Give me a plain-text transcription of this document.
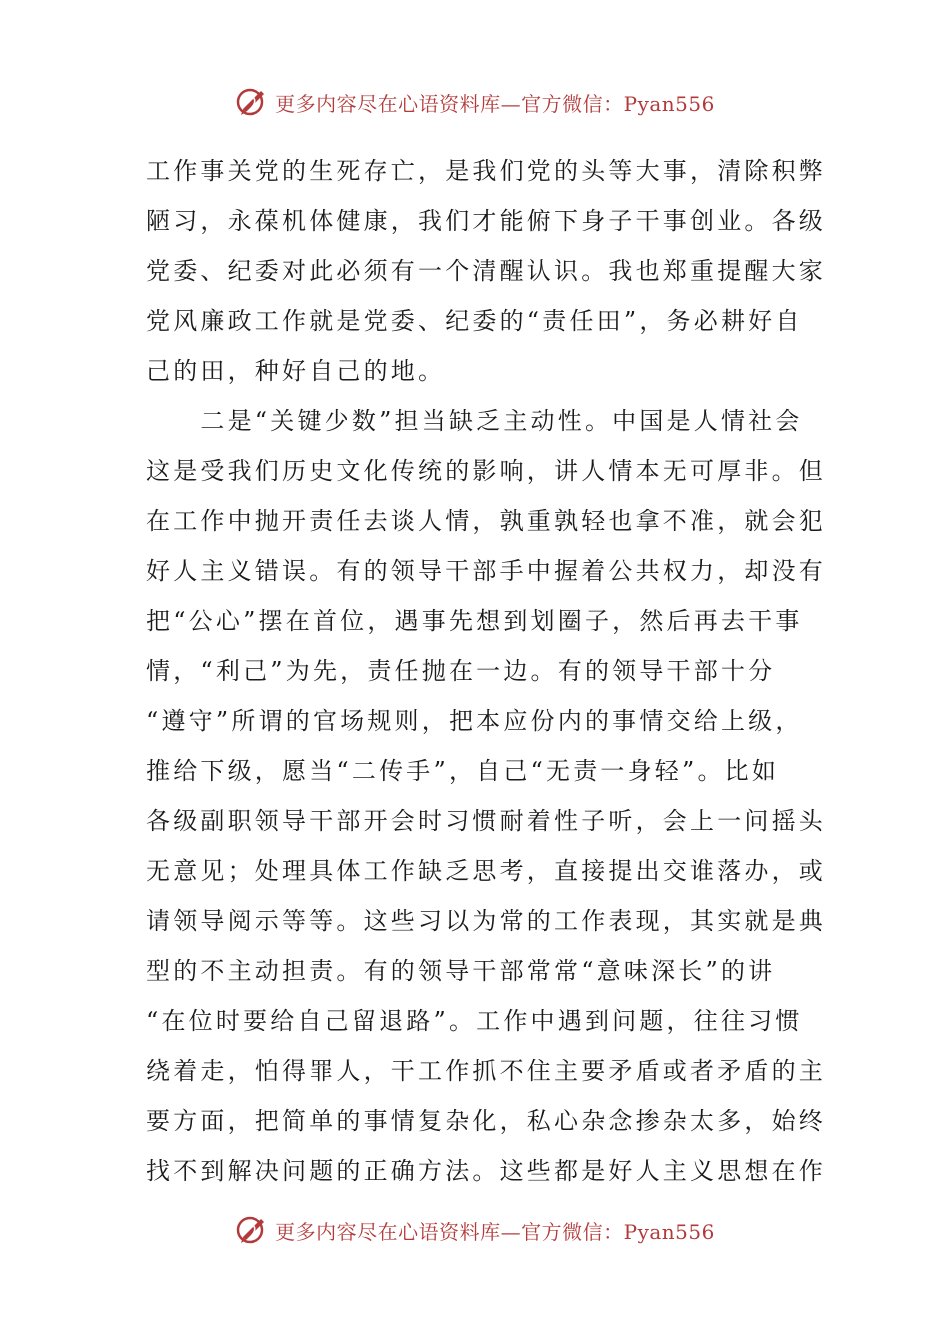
更多内容尽在心语资料库—官方微信：Pyan556
工作事关党的生死存亡，是我们党的头等大事，清除积弊
陋习，永葆机体健康，我们才能俯下身子干事创业。各级
党委、纪委对此必须有一个清醒认识。我也郑重提醒大家
党风廉政工作就是党委、纪委的“责任田”，务必耕好自
己的田，种好自己的地。
　　二是“关键少数”担当缺乏主动性。中国是人情社会
这是受我们历史文化传统的影响，讲人情本无可厚非。但
在工作中抛开责任去谈人情，孰重孰轻也拿不准，就会犯
好人主义错误。有的领导干部手中握着公共权力，却没有
把“公心”摆在首位，遇事先想到划圈子，然后再去干事
情，“利己”为先，责任抛在一边。有的领导干部十分
“遵守”所谓的官场规则，把本应份内的事情交给上级，
推给下级，愿当“二传手”，自己“无责一身轻”。比如
各级副职领导干部开会时习惯耐着性子听，会上一问摇头
无意见；处理具体工作缺乏思考，直接提出交谁落办，或
请领导阅示等等。这些习以为常的工作表现，其实就是典
型的不主动担责。有的领导干部常常“意味深长”的讲
“在位时要给自己留退路”。工作中遇到问题，往往习惯
绕着走，怕得罪人，干工作抓不住主要矛盾或者矛盾的主
要方面，把简单的事情复杂化，私心杂念掺杂太多，始终
找不到解决问题的正确方法。这些都是好人主义思想在作
更多内容尽在心语资料库—官方微信：Pyan556
